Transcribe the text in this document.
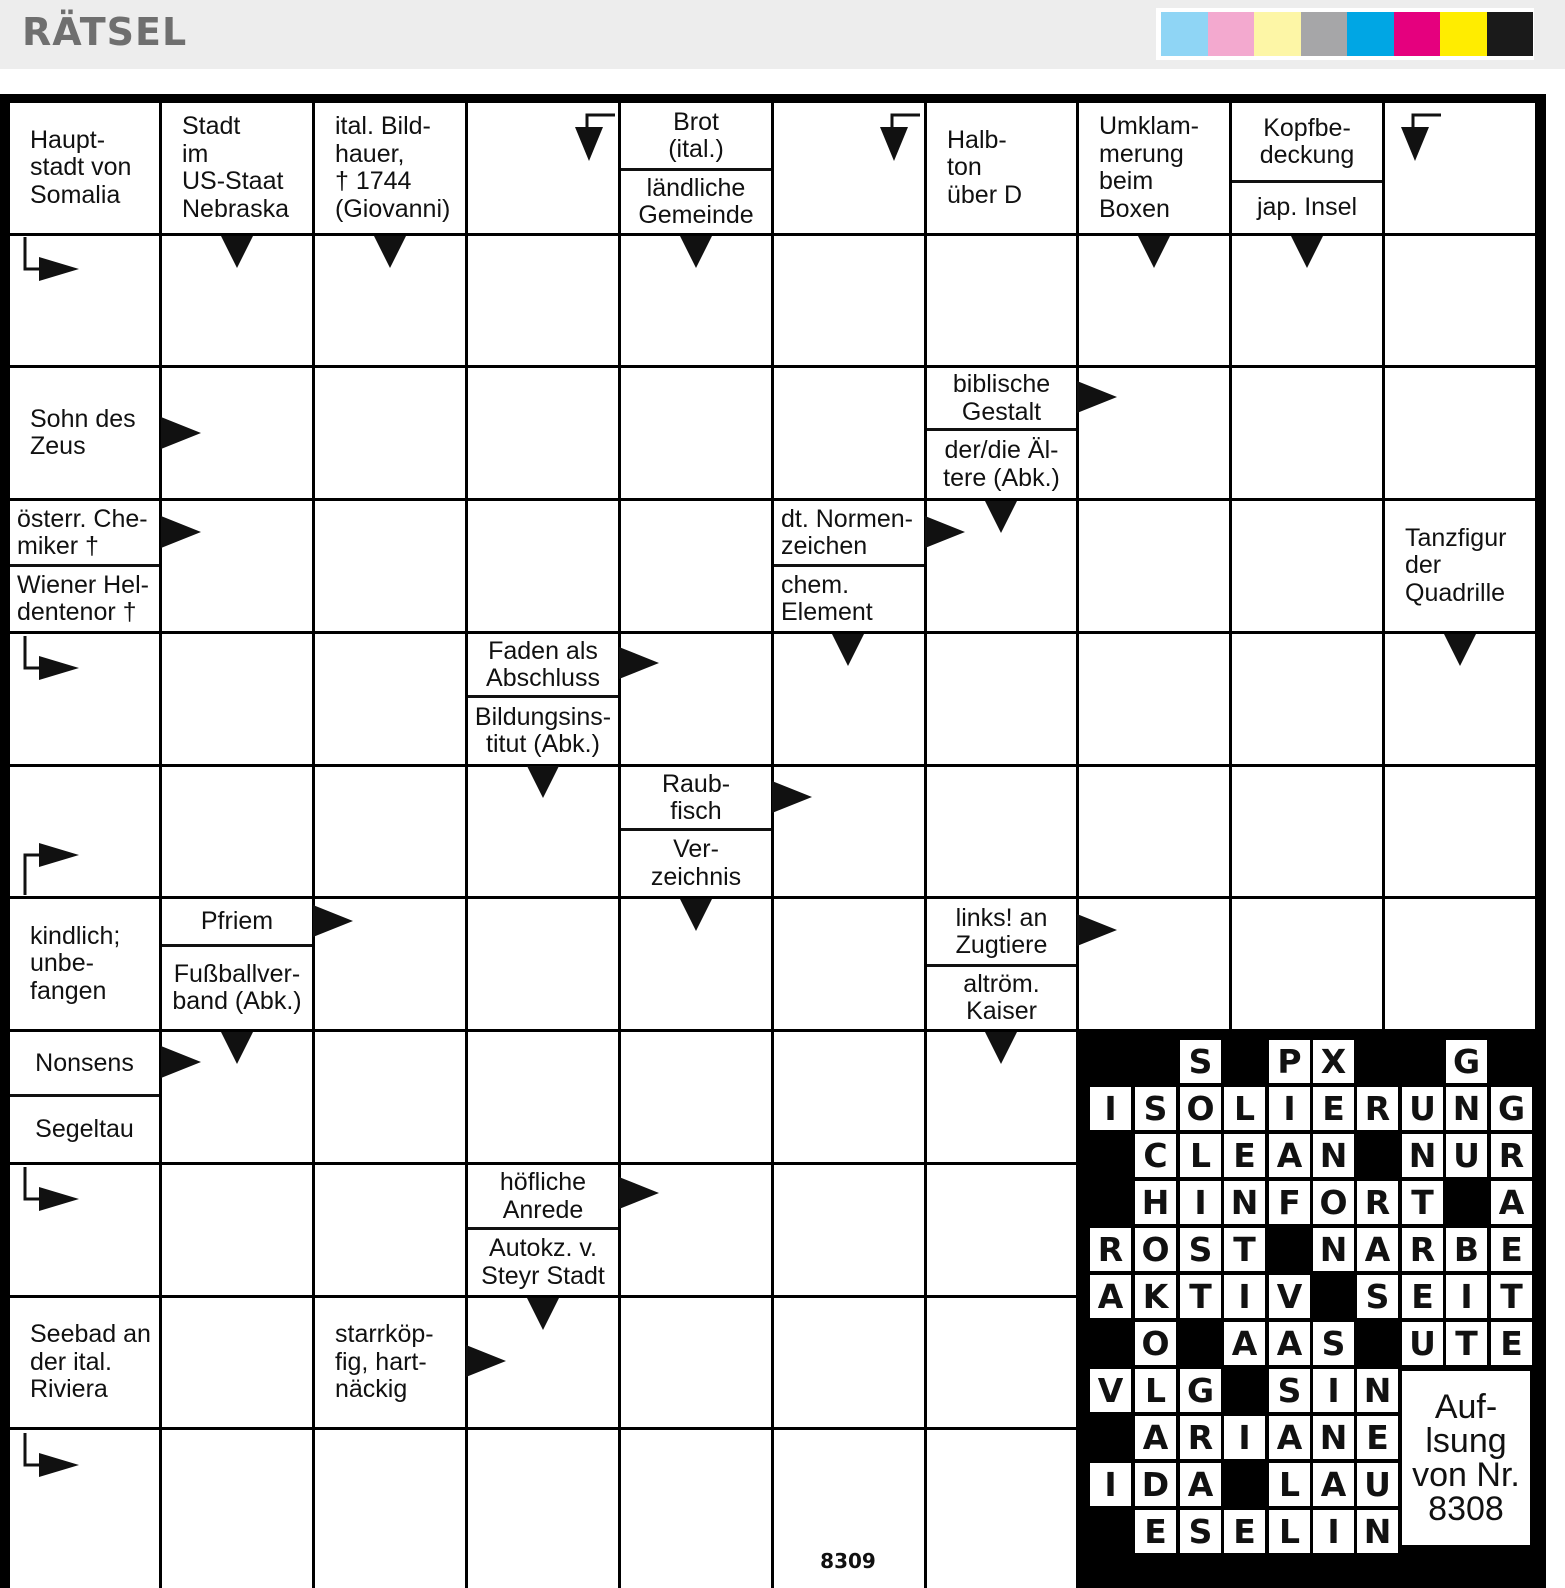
RÄTSEL
Haupt-
stadt von
Somalia
Stadt
im
US-Staat
Nebraska
ital. Bild-
hauer,
† 1744
(Giovanni)
Brot
(ital.)
ländliche
Gemeinde
Halb-
ton
über D
Umklam-
merung
beim
Boxen
Kopfbe-
deckung
jap. Insel
Sohn des
Zeus
biblische
Gestalt
der/die Äl-
tere (Abk.)
österr. Che-
miker †
Wiener Hel-
dentenor †
dt. Normen-
zeichen
chem.
Element
Tanzfigur
der
Quadrille
Faden als
Abschluss
Bildungsins-
titut (Abk.)
Raub-
fisch
Ver-
zeichnis
kindlich;
unbe-
fangen
Pfriem
Fußballver-
band (Abk.)
links! an
Zugtiere
altröm.
Kaiser
Nonsens
Segeltau
höfliche
Anrede
Autokz. v.
Steyr Stadt
Seebad an
der ital.
Riviera
starrköp-
fig, hart-
näckig
S P X	G
I S O L I E R U N G
C L E A N N U R
H I N F O R T A
R O S T N A R B E
A K T I V S E I T
O A A S U T E
V L G S I N
A R I A N E
I D A	L A U
E S E L I N
Auf-
lsung
von Nr.
8308
8309
